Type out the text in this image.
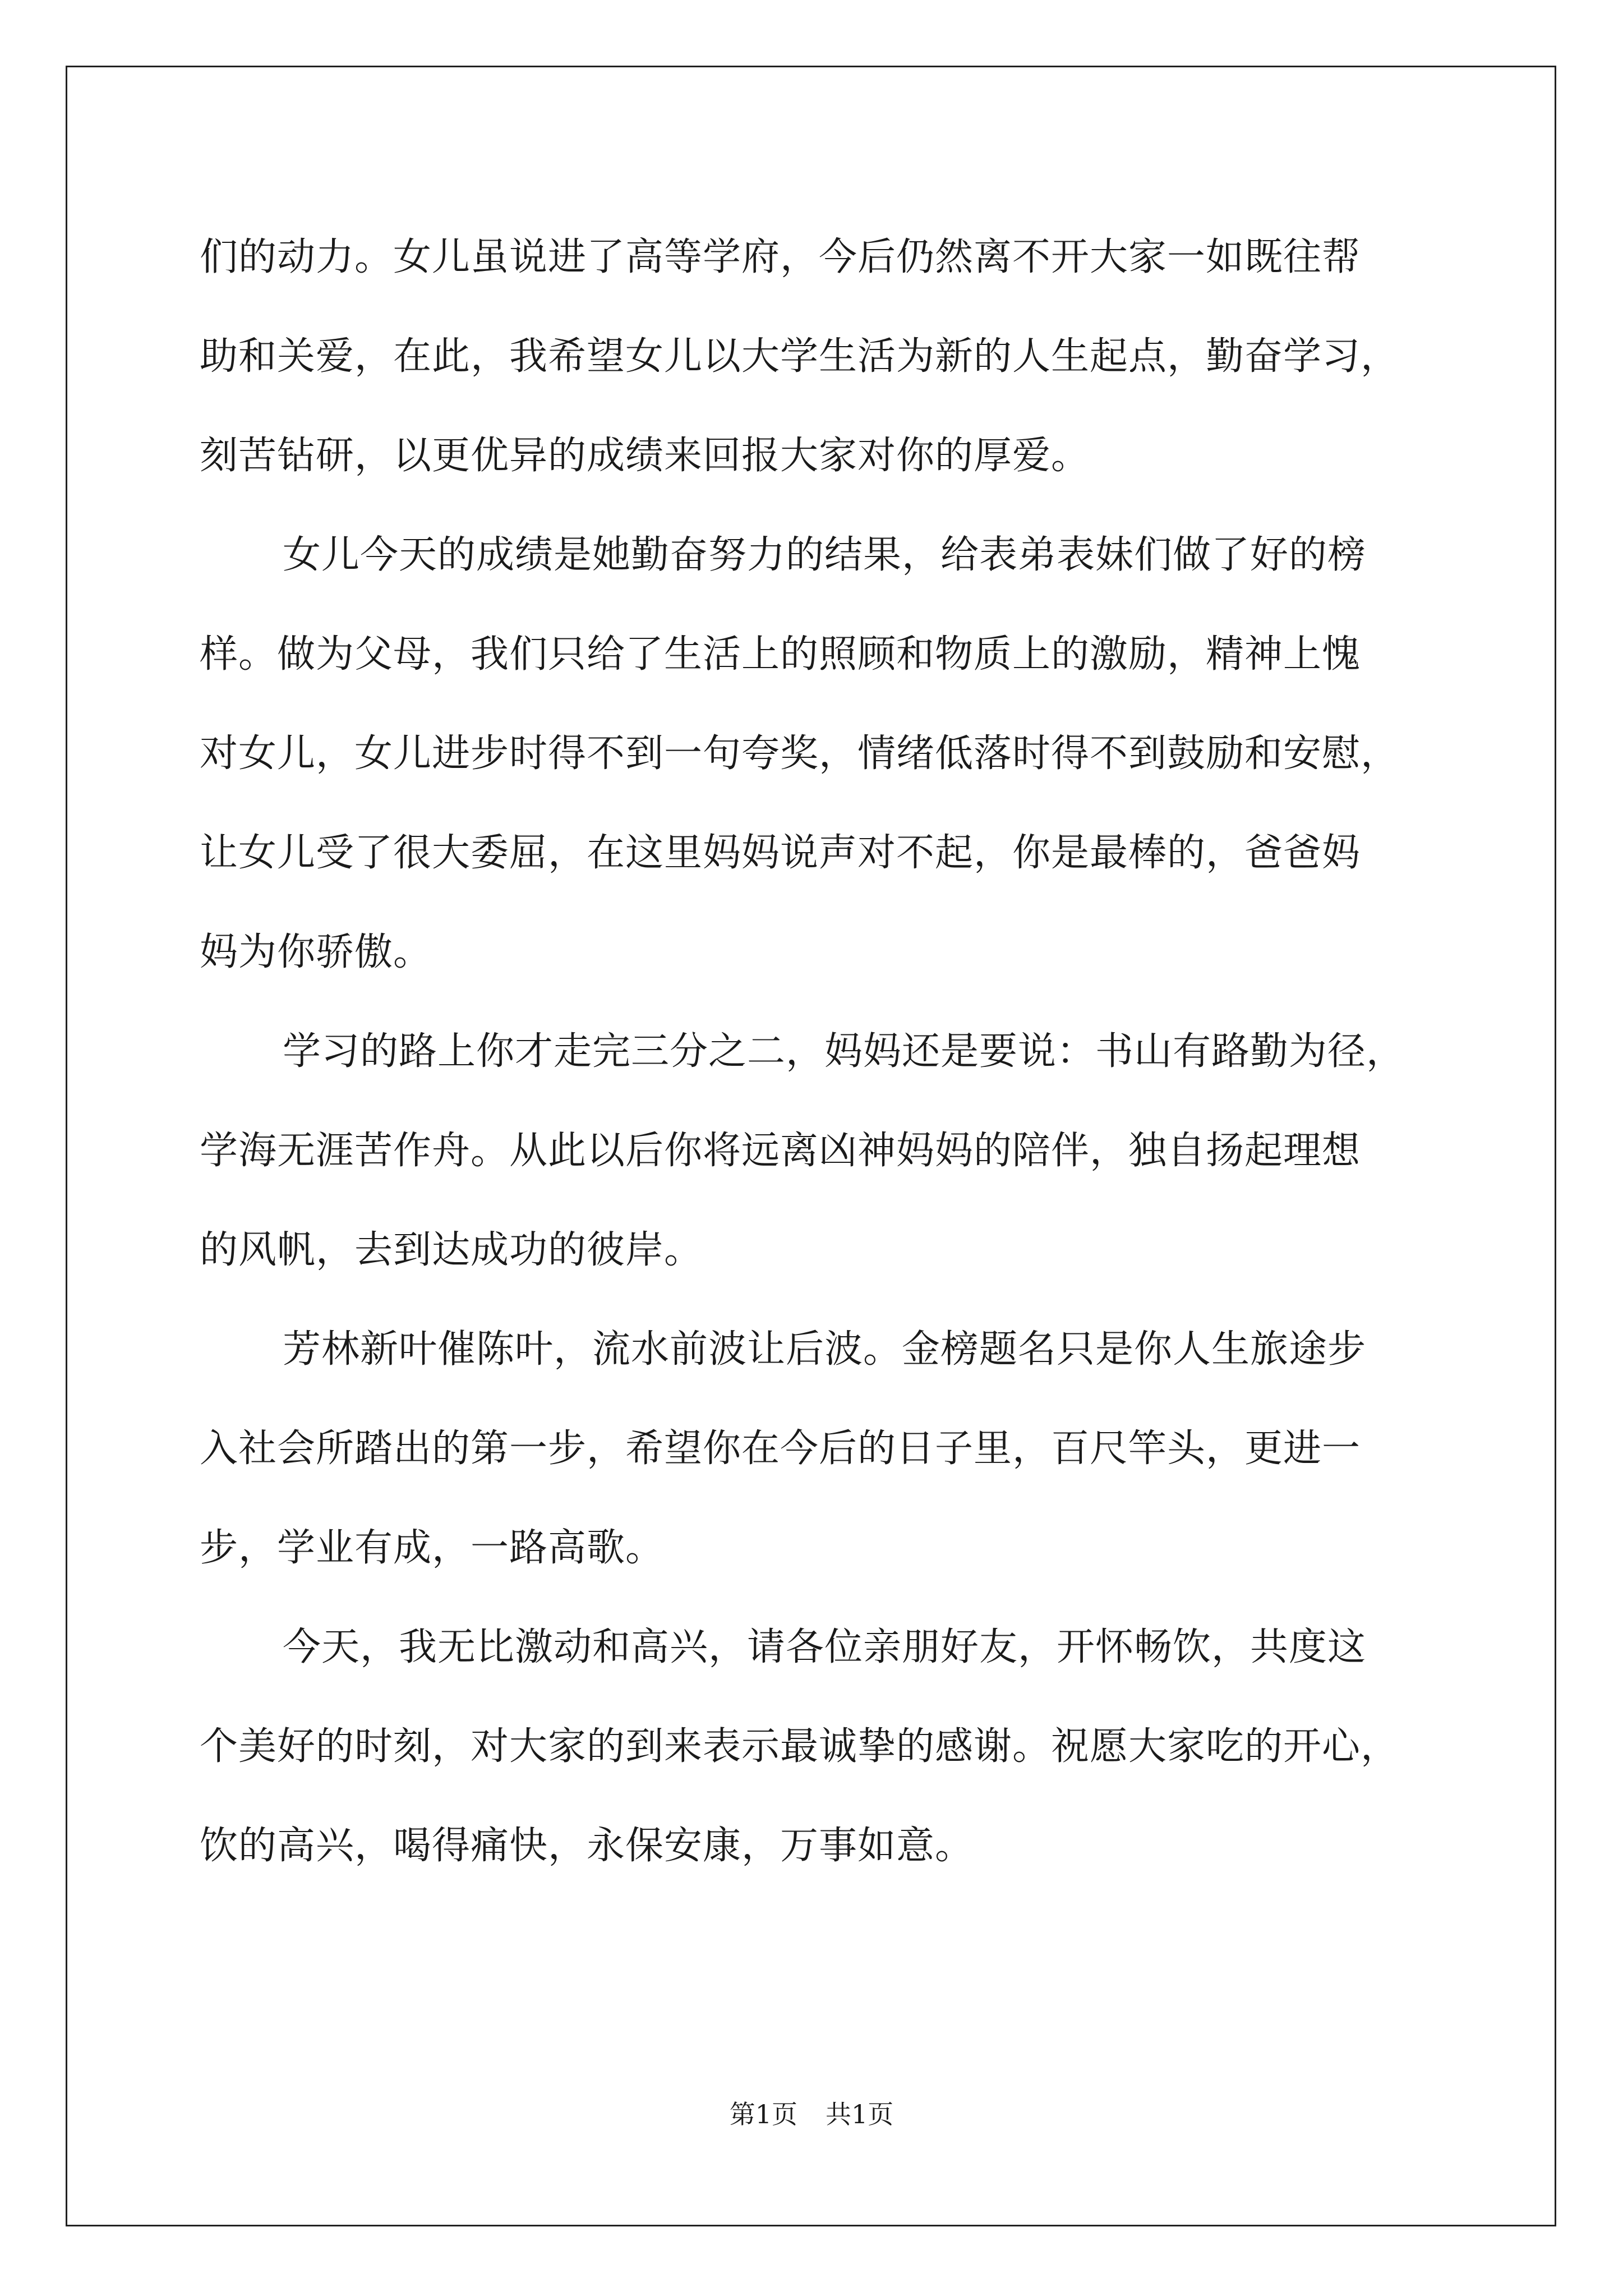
们的动力。女儿虽说进了高等学府，今后仍然离不开大家一如既往帮
助和关爱，在此，我希望女儿以大学生活为新的人生起点，勤奋学习，
刻苦钻研，以更优异的成绩来回报大家对你的厚爱。

女儿今天的成绩是她勤奋努力的结果，给表弟表妹们做了好的榜
样。做为父母，我们只给了生活上的照顾和物质上的激励，精神上愧
对女儿，女儿进步时得不到一句夸奖，情绪低落时得不到鼓励和安慰，
让女儿受了很大委屈，在这里妈妈说声对不起，你是最棒的，爸爸妈
妈为你骄傲。

学习的路上你才走完三分之二，妈妈还是要说：书山有路勤为径，
学海无涯苦作舟。从此以后你将远离凶神妈妈的陪伴，独自扬起理想
的风帆，去到达成功的彼岸。

芳林新叶催陈叶，流水前波让后波。金榜题名只是你人生旅途步
入社会所踏出的第一步，希望你在今后的日子里，百尺竿头，更进一
步，学业有成，一路高歌。

今天，我无比激动和高兴，请各位亲朋好友，开怀畅饮，共度这
个美好的时刻，对大家的到来表示最诚挚的感谢。祝愿大家吃的开心，
饮的高兴，喝得痛快，永保安康，万事如意。

第1页 共1页
